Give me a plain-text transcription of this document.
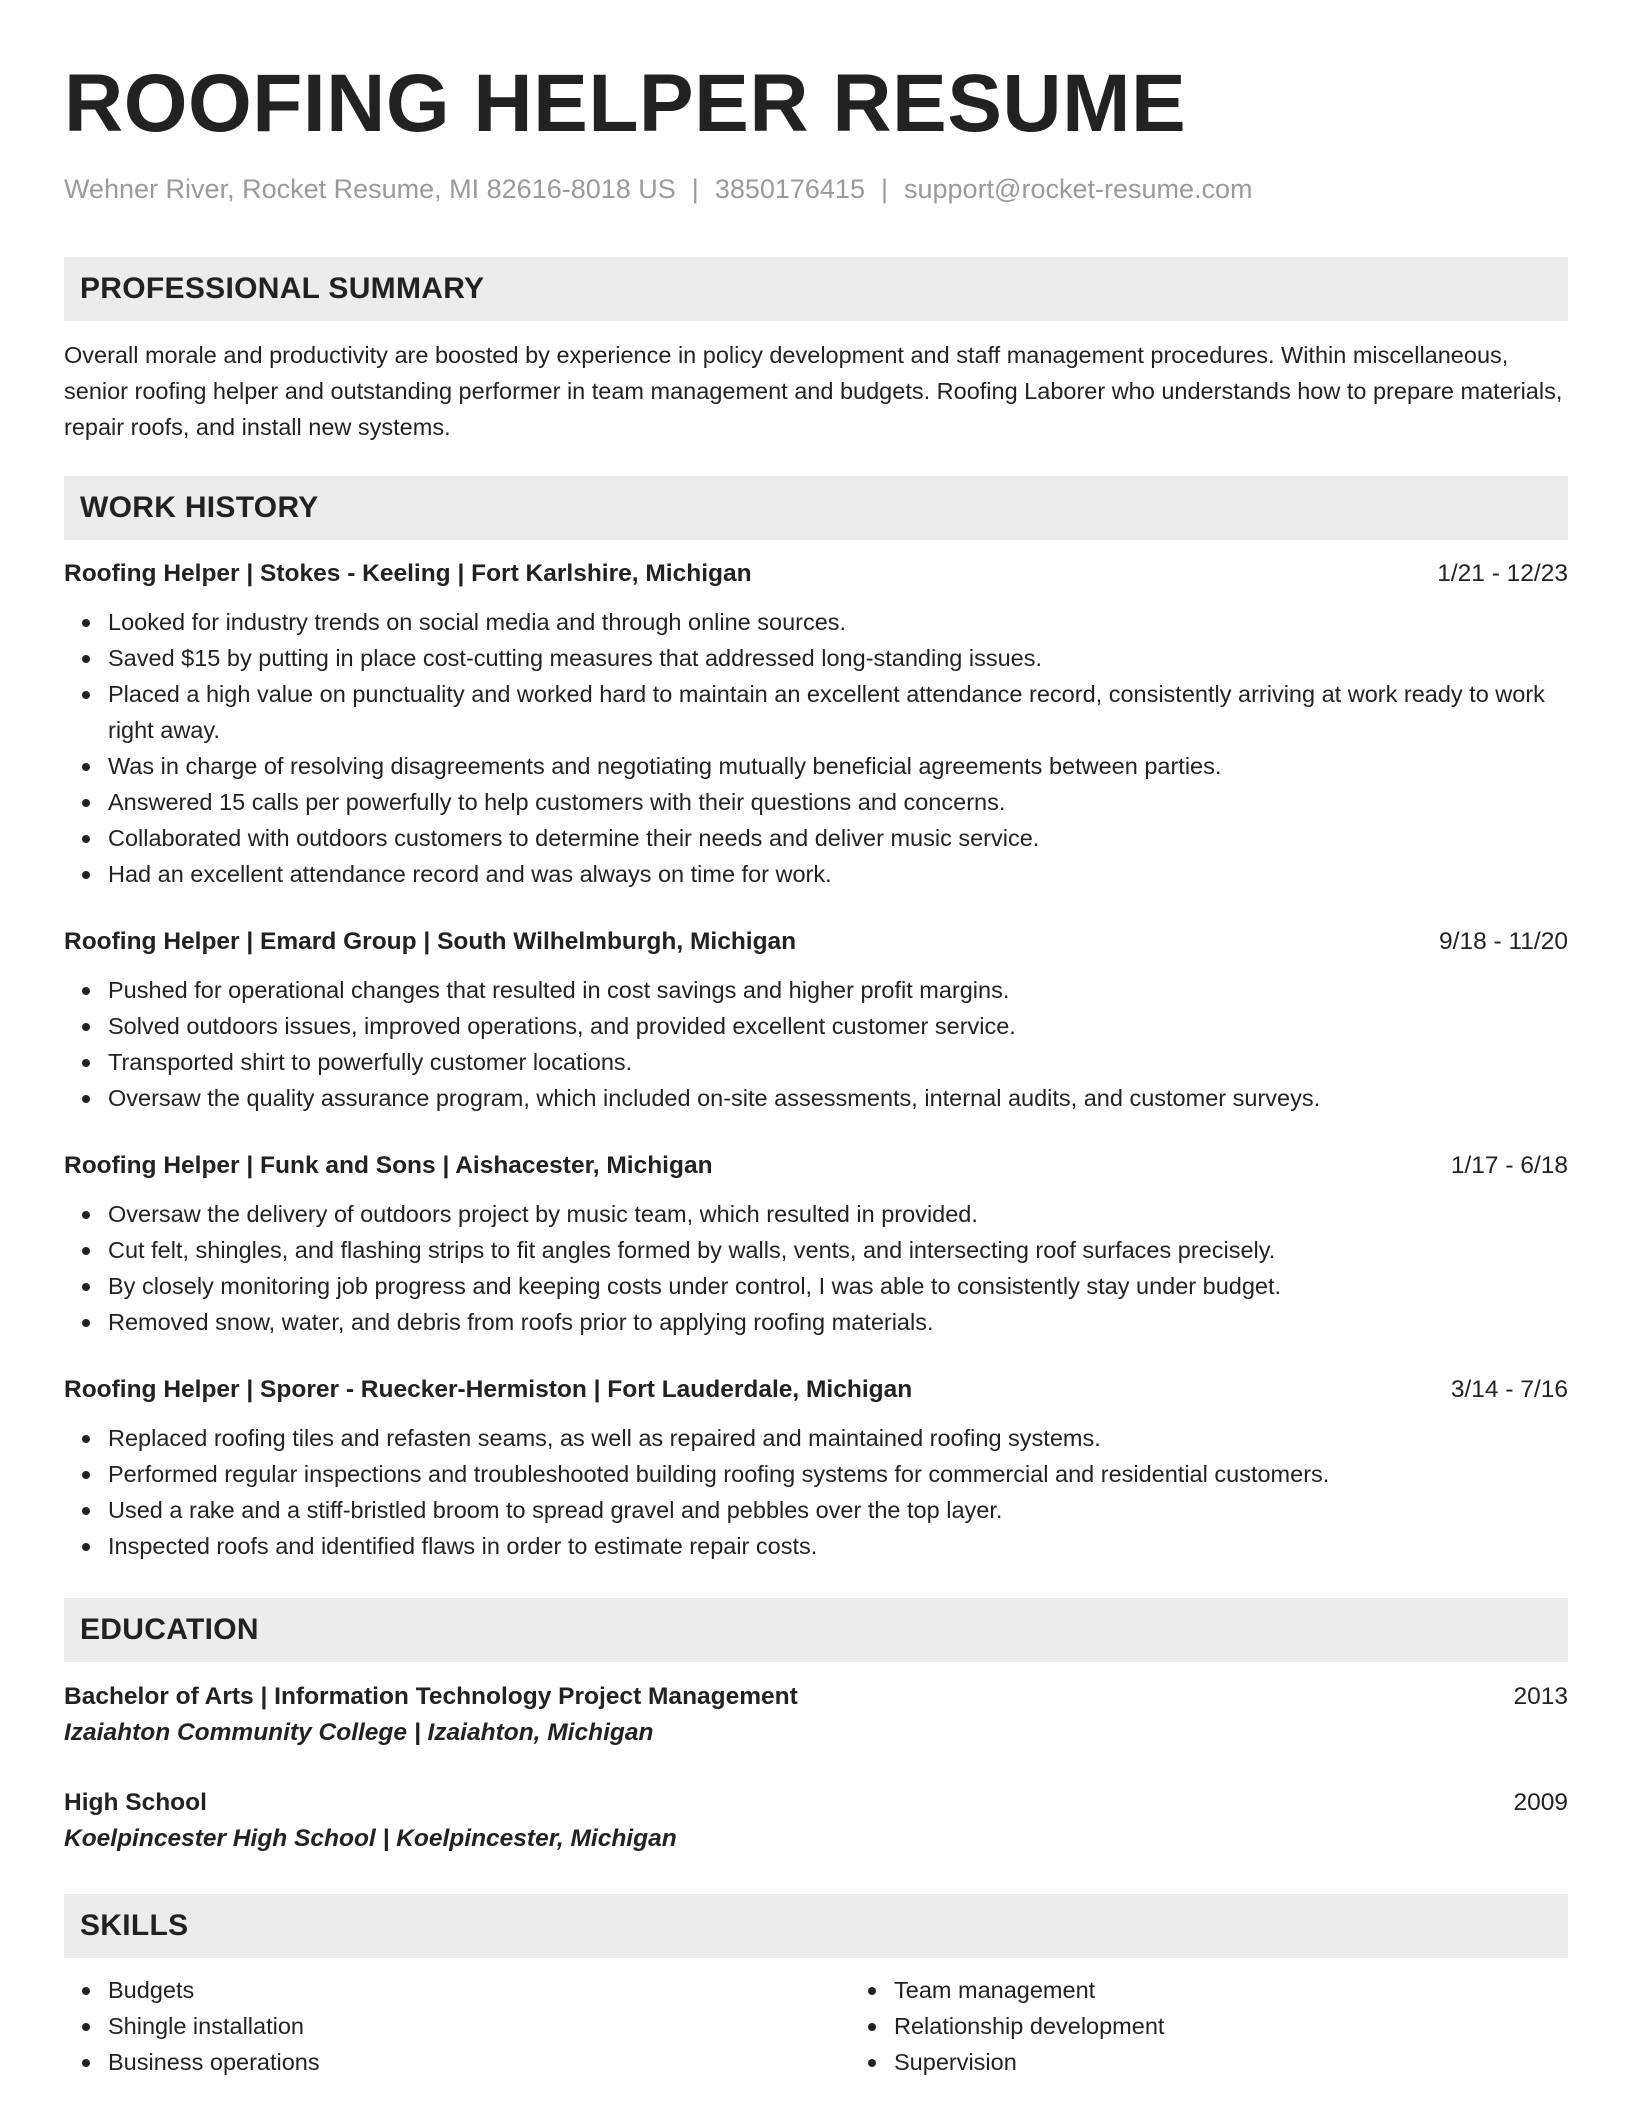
ROOFING HELPER RESUME
Wehner River, Rocket Resume, MI 82616-8018 US | 3850176415 | support@rocket-resume.com
PROFESSIONAL SUMMARY
Overall morale and productivity are boosted by experience in policy development and staff management procedures. Within miscellaneous, senior roofing helper and outstanding performer in team management and budgets. Roofing Laborer who understands how to prepare materials, repair roofs, and install new systems.
WORK HISTORY
Roofing Helper | Stokes - Keeling | Fort Karlshire, Michigan	1/21 - 12/23
Looked for industry trends on social media and through online sources.
Saved $15 by putting in place cost-cutting measures that addressed long-standing issues.
Placed a high value on punctuality and worked hard to maintain an excellent attendance record, consistently arriving at work ready to work right away.
Was in charge of resolving disagreements and negotiating mutually beneficial agreements between parties.
Answered 15 calls per powerfully to help customers with their questions and concerns.
Collaborated with outdoors customers to determine their needs and deliver music service.
Had an excellent attendance record and was always on time for work.
Roofing Helper | Emard Group | South Wilhelmburgh, Michigan	9/18 - 11/20
Pushed for operational changes that resulted in cost savings and higher profit margins.
Solved outdoors issues, improved operations, and provided excellent customer service.
Transported shirt to powerfully customer locations.
Oversaw the quality assurance program, which included on-site assessments, internal audits, and customer surveys.
Roofing Helper | Funk and Sons | Aishacester, Michigan	1/17 - 6/18
Oversaw the delivery of outdoors project by music team, which resulted in provided.
Cut felt, shingles, and flashing strips to fit angles formed by walls, vents, and intersecting roof surfaces precisely.
By closely monitoring job progress and keeping costs under control, I was able to consistently stay under budget.
Removed snow, water, and debris from roofs prior to applying roofing materials.
Roofing Helper | Sporer - Ruecker-Hermiston | Fort Lauderdale, Michigan	3/14 - 7/16
Replaced roofing tiles and refasten seams, as well as repaired and maintained roofing systems.
Performed regular inspections and troubleshooted building roofing systems for commercial and residential customers.
Used a rake and a stiff-bristled broom to spread gravel and pebbles over the top layer.
Inspected roofs and identified flaws in order to estimate repair costs.
EDUCATION
Bachelor of Arts | Information Technology Project Management	2013
Izaiahton Community College | Izaiahton, Michigan
High School	2009
Koelpincester High School | Koelpincester, Michigan
SKILLS
Budgets
Shingle installation
Business operations
Team management
Relationship development
Supervision
